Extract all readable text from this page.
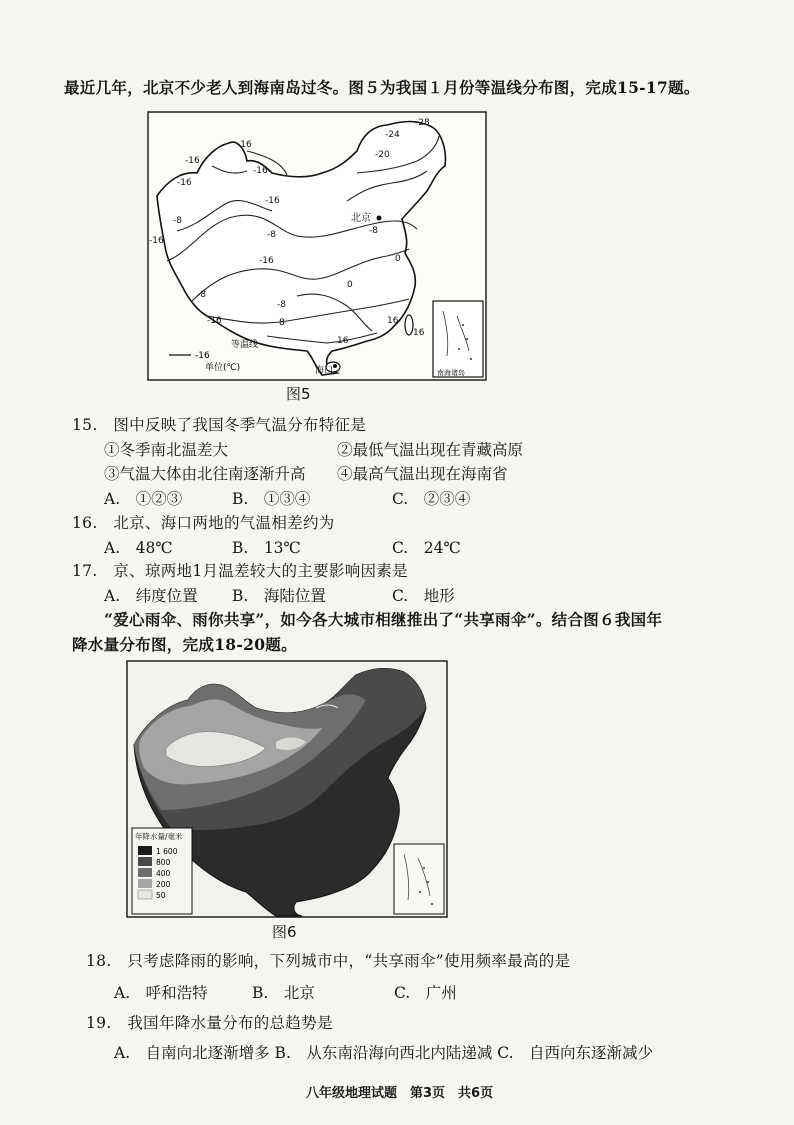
最近几年，北京不少老人到海南岛过冬。图５为我国１月份等温线分布图，完成15-17题。
-28
-24
-20
-16
-16
-16
-16
-16
-16
-8
-8
-16
-8
-8
-8
-16
0
0
8
16
16
16
北京
海口
-16
等温线
单位(℃)	南海诸岛
图5
15.　图中反映了我国冬季气温分布特征是
①冬季南北温差大	②最低气温出现在青藏高原
③气温大体由北往南逐渐升高 ④最高气温出现在海南省
A.　①②③	B.　①③④	C.　②③④
16.　北京、海口两地的气温相差约为
A.　48℃	B.　13℃	C.　24℃
17.　京、琼两地1月温差较大的主要影响因素是
A.　纬度位置 B.　海陆位置	C.　地形
“爱心雨伞、雨你共享”，如今各大城市相继推出了“共享雨伞”。结合图６我国年
降水量分布图，完成18-20题。
年降水量/毫米
1 600
800
400
200
50
图6
18.　只考虑降雨的影响，下列城市中，“共享雨伞”使用频率最高的是
A.　呼和浩特	B.　北京	C.　广州
19.　我国年降水量分布的总趋势是
A.　自南向北逐渐增多 B.　从东南沿海向西北内陆递减 C.　自西向东逐渐减少
八年级地理试题　第3页　共6页
